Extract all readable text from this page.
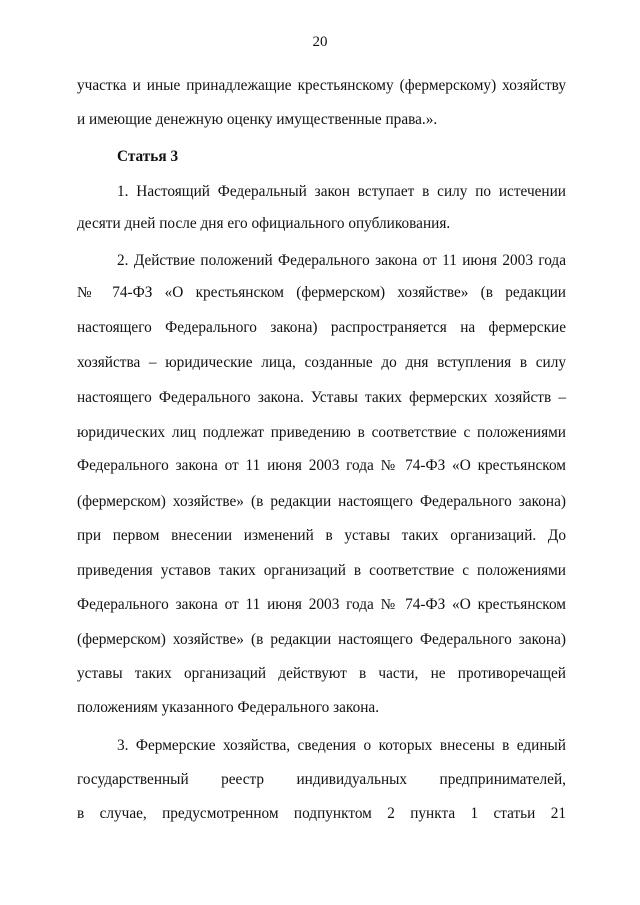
20
участка и иные принадлежащие крестьянскому (фермерскому) хозяйству
и имеющие денежную оценку имущественные права.».
Статья 3
1. Настоящий Федеральный закон вступает в силу по истечении
десяти дней после дня его официального опубликования.
2. Действие положений Федерального закона от 11 июня 2003 года
№ 74-ФЗ «О крестьянском (фермерском) хозяйстве» (в редакции
настоящего Федерального закона) распространяется на фермерские
хозяйства – юридические лица, созданные до дня вступления в силу
настоящего Федерального закона. Уставы таких фермерских хозяйств –
юридических лиц подлежат приведению в соответствие с положениями
Федерального закона от 11 июня 2003 года № 74-ФЗ «О крестьянском
(фермерском) хозяйстве» (в редакции настоящего Федерального закона)
при первом внесении изменений в уставы таких организаций. До
приведения уставов таких организаций в соответствие с положениями
Федерального закона от 11 июня 2003 года № 74-ФЗ «О крестьянском
(фермерском) хозяйстве» (в редакции настоящего Федерального закона)
уставы таких организаций действуют в части, не противоречащей
положениям указанного Федерального закона.
3. Фермерские хозяйства, сведения о которых внесены в единый
государственный реестр индивидуальных предпринимателей,
в случае, предусмотренном подпунктом 2 пункта 1 статьи 21
